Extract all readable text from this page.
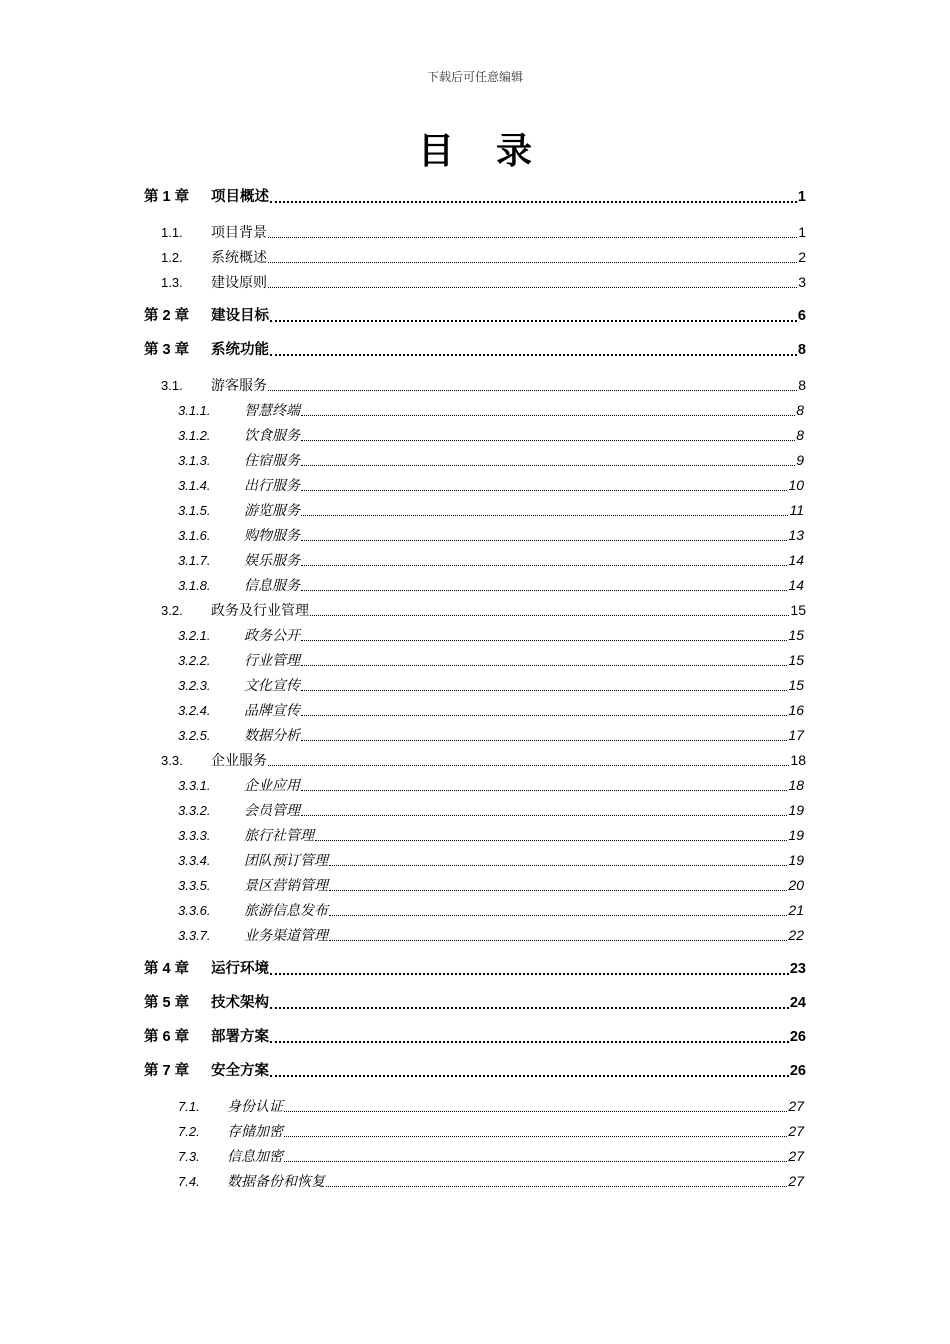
下载后可任意编辑
目 录
第 1 章	项目概述	1
1.1.	项目背景	1
1.2.	系统概述	2
1.3.	建设原则	3
第 2 章	建设目标	6
第 3 章	系统功能	8
3.1.	游客服务	8
3.1.1.	智慧终端	8
3.1.2.	饮食服务	8
3.1.3.	住宿服务	9
3.1.4.	出行服务	10
3.1.5.	游览服务	11
3.1.6.	购物服务	13
3.1.7.	娱乐服务	14
3.1.8.	信息服务	14
3.2.	政务及行业管理	15
3.2.1.	政务公开	15
3.2.2.	行业管理	15
3.2.3.	文化宣传	15
3.2.4.	品牌宣传	16
3.2.5.	数据分析	17
3.3.	企业服务	18
3.3.1.	企业应用	18
3.3.2.	会员管理	19
3.3.3.	旅行社管理	19
3.3.4.	团队预订管理	19
3.3.5.	景区营销管理	20
3.3.6.	旅游信息发布	21
3.3.7.	业务渠道管理	22
第 4 章	运行环境	23
第 5 章	技术架构	24
第 6 章	部署方案	26
第 7 章	安全方案	26
7.1.	身份认证	27
7.2.	存储加密	27
7.3.	信息加密	27
7.4.	数据备份和恢复	27
